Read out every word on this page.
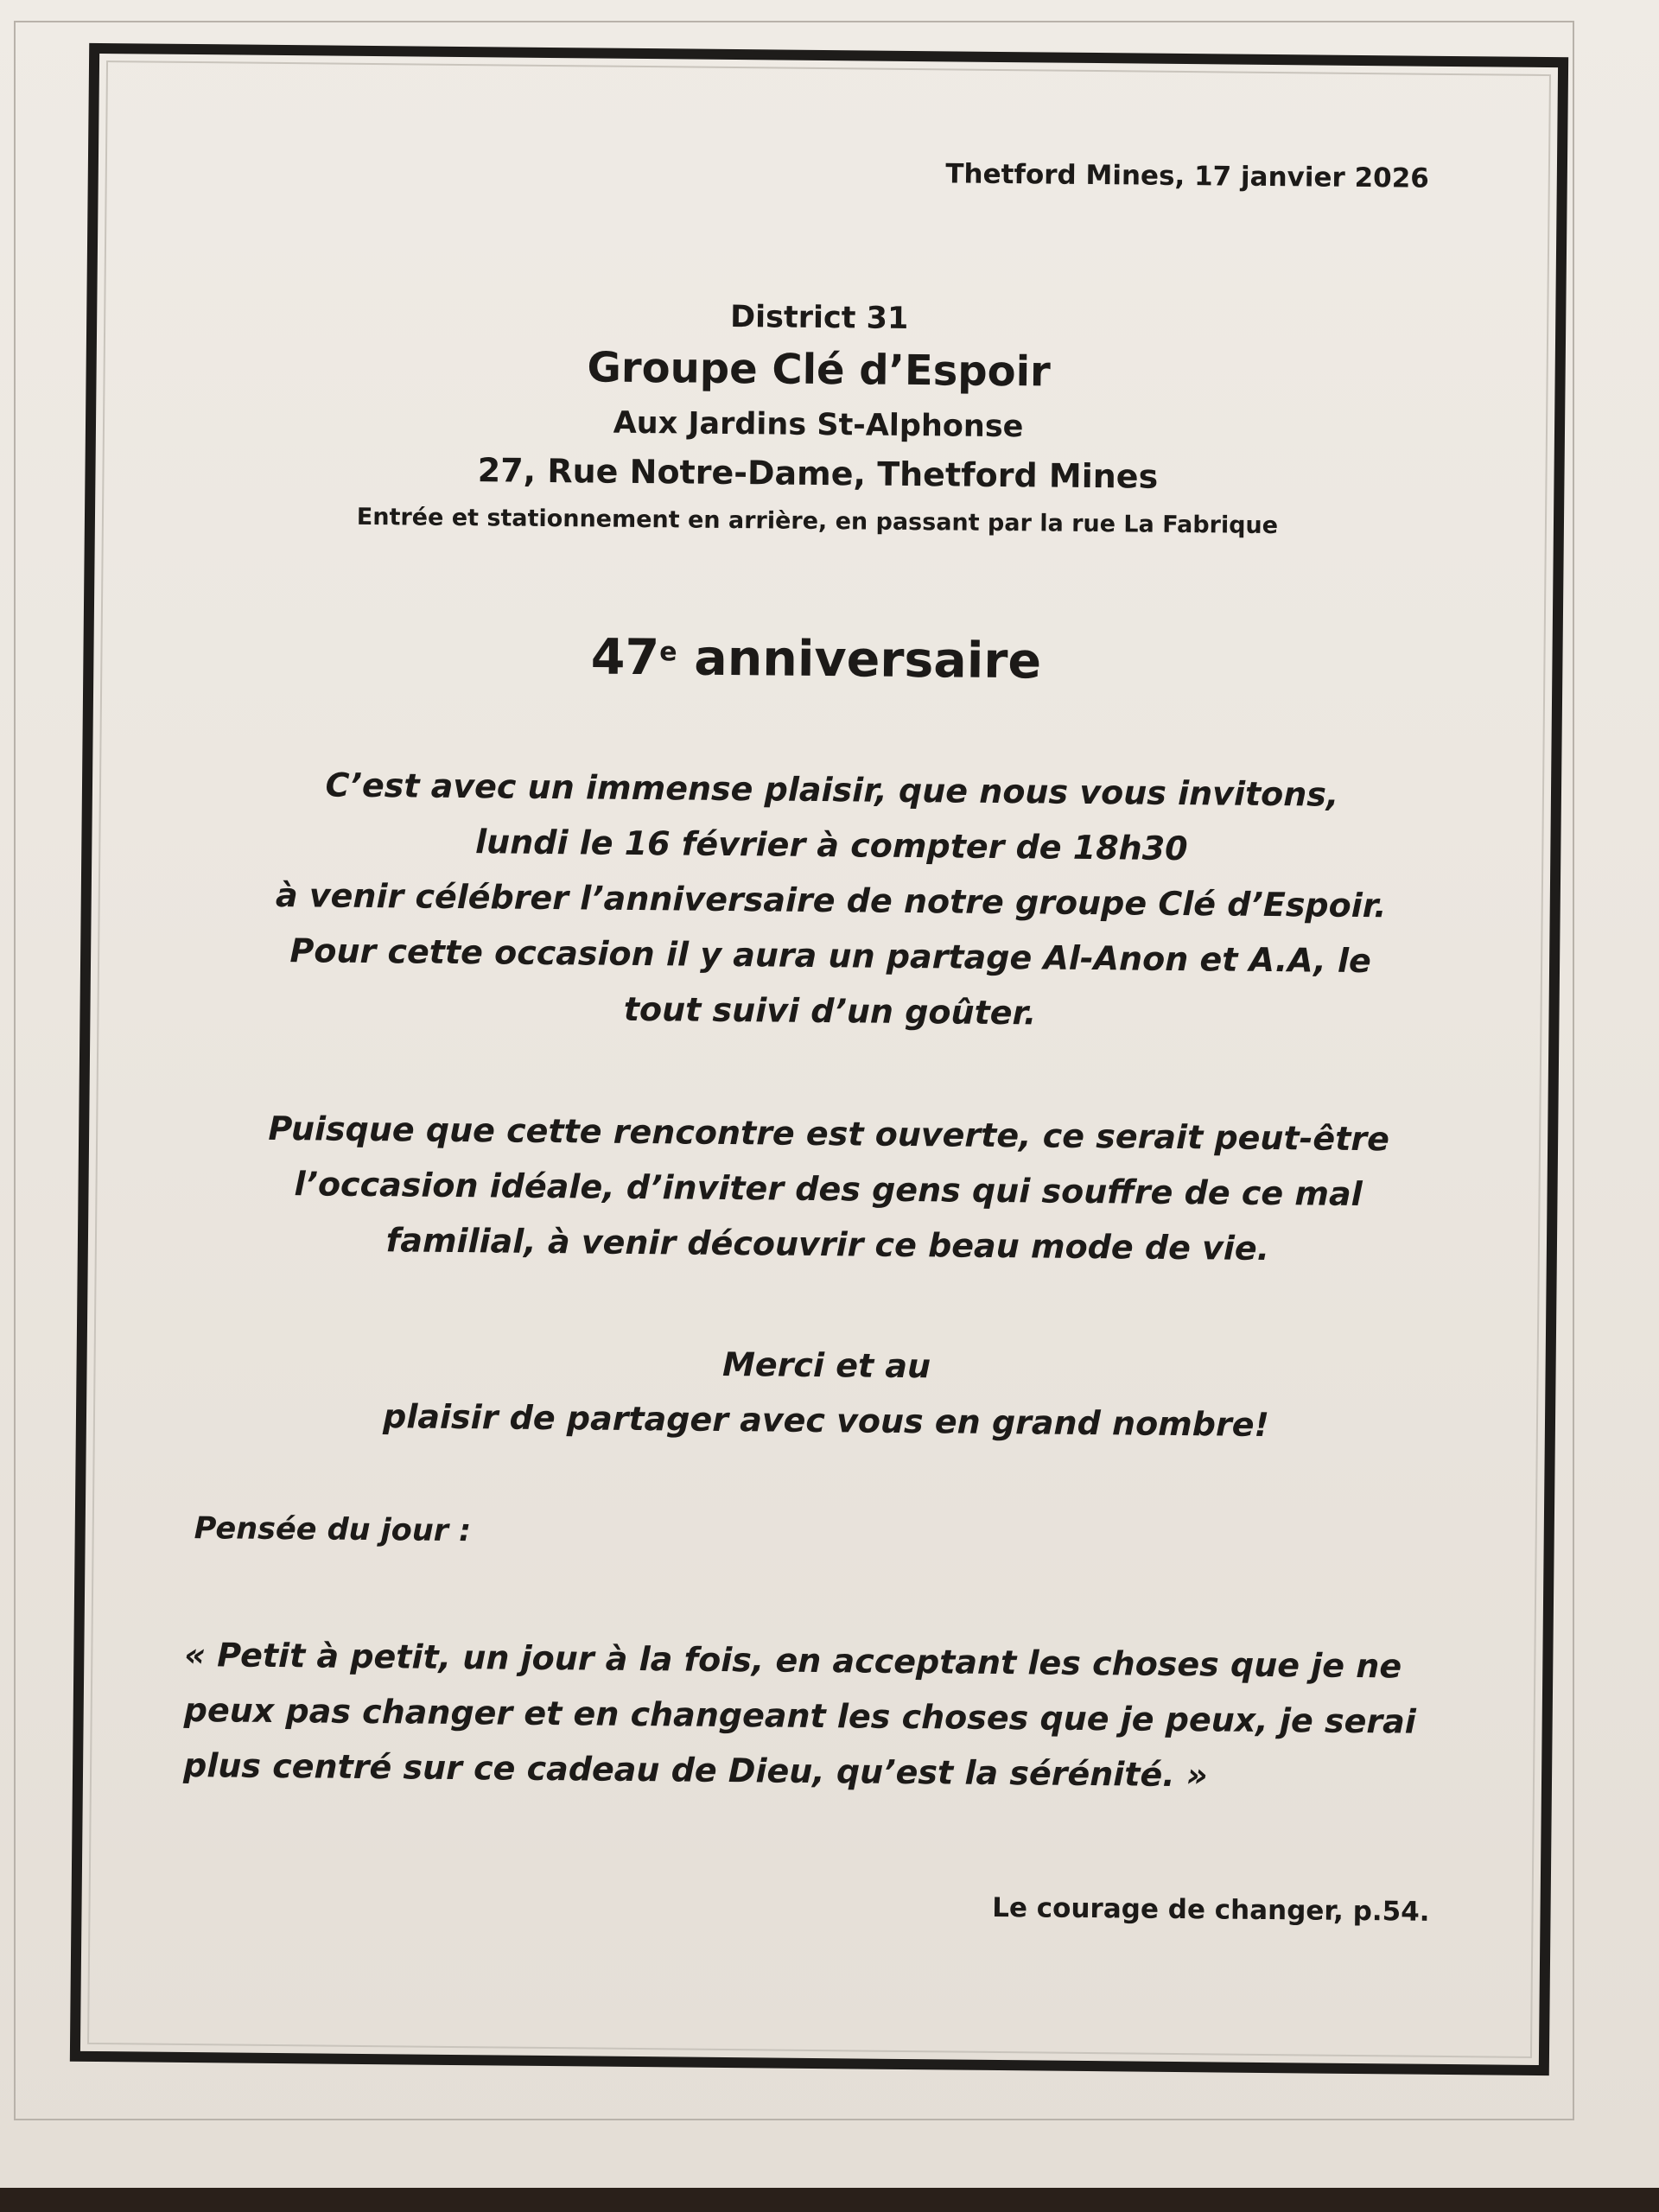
Thetford Mines, 17 janvier 2026
District 31
Groupe Clé d’Espoir
Aux Jardins St-Alphonse
27, Rue Notre-Dame, Thetford Mines
Entrée et stationnement en arrière, en passant par la rue La Fabrique
47e anniversaire
C’est avec un immense plaisir, que nous vous invitons,
lundi le 16 février à compter de 18h30
à venir célébrer l’anniversaire de notre groupe Clé d’Espoir.
Pour cette occasion il y aura un partage Al-Anon et A.A, le
tout suivi d’un goûter.
Puisque que cette rencontre est ouverte, ce serait peut-être
l’occasion idéale, d’inviter des gens qui souffre de ce mal
familial, à venir découvrir ce beau mode de vie.
Merci et au
plaisir de partager avec vous en grand nombre!
Pensée du jour :
« Petit à petit, un jour à la fois, en acceptant les choses que je ne
peux pas changer et en changeant les choses que je peux, je serai
plus centré sur ce cadeau de Dieu, qu’est la sérénité. »
Le courage de changer, p.54.
